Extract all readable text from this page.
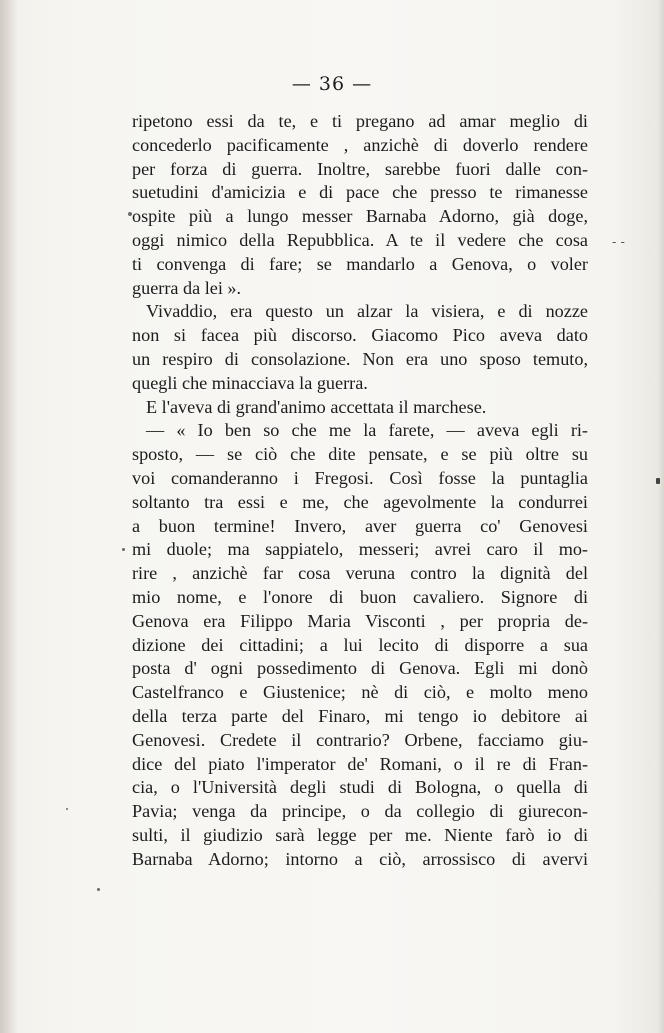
— 36 —
ripetono essi da te, e ti pregano ad amar meglio di
concederlo pacificamente , anzichè di doverlo rendere
per forza di guerra. Inoltre, sarebbe fuori dalle con-
suetudini d'amicizia e di pace che presso te rimanesse
ospite più a lungo messer Barnaba Adorno, già doge,
oggi nimico della Repubblica. A te il vedere che cosa
ti convenga di fare; se mandarlo a Genova, o voler
guerra da lei ».
Vivaddio, era questo un alzar la visiera, e di nozze
non si facea più discorso. Giacomo Pico aveva dato
un respiro di consolazione. Non era uno sposo temuto,
quegli che minacciava la guerra.
E l'aveva di grand'animo accettata il marchese.
— « Io ben so che me la farete, — aveva egli ri-
sposto, — se ciò che dite pensate, e se più oltre su
voi comanderanno i Fregosi. Così fosse la puntaglia
soltanto tra essi e me, che agevolmente la condurrei
a buon termine! Invero, aver guerra co' Genovesi
mi duole; ma sappiatelo, messeri; avrei caro il mo-
rire , anzichè far cosa veruna contro la dignità del
mio nome, e l'onore di buon cavaliero. Signore di
Genova era Filippo Maria Visconti , per propria de-
dizione dei cittadini; a lui lecito di disporre a sua
posta d' ogni possedimento di Genova. Egli mi donò
Castelfranco e Giustenice; nè di ciò, e molto meno
della terza parte del Finaro, mi tengo io debitore ai
Genovesi. Credete il contrario? Orbene, facciamo giu-
dice del piato l'imperator de' Romani, o il re di Fran-
cia, o l'Università degli studi di Bologna, o quella di
Pavia; venga da principe, o da collegio di giurecon-
sulti, il giudizio sarà legge per me. Niente farò io di
Barnaba Adorno; intorno a ciò, arrossisco di avervi
- -
